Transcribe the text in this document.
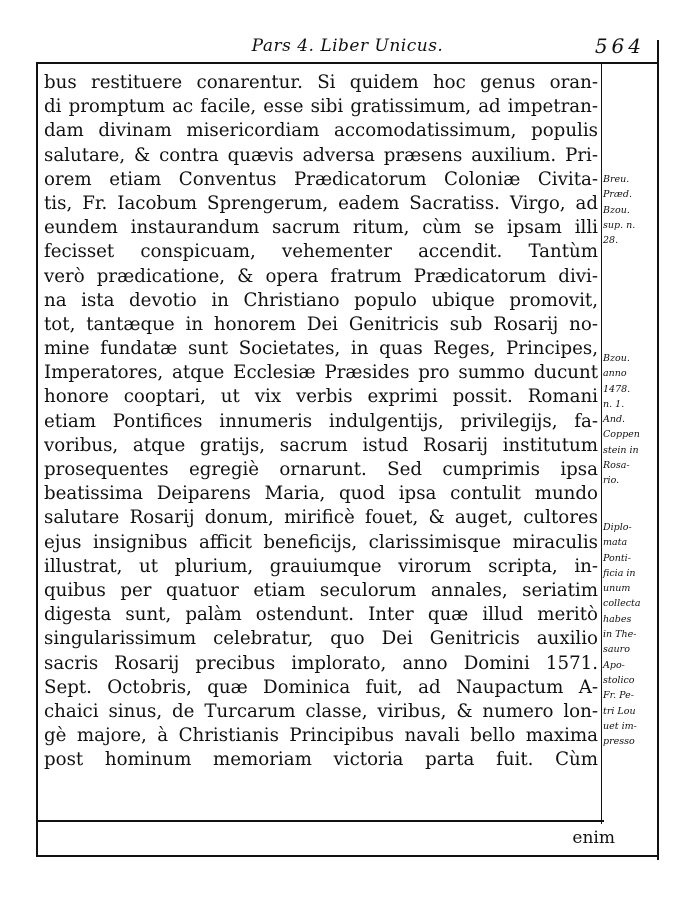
Pars 4. Liber Unicus.	564
bus restituere conarentur. Si quidem hoc genus oran-
di promptum ac facile, esse sibi gratissimum, ad impetran-
dam divinam misericordiam accomodatissimum, populis
salutare, & contra quævis adversa præsens auxilium. Pri-
orem etiam Conventus Prædicatorum Coloniæ Civita-
tis, Fr. Iacobum Sprengerum, eadem Sacratiss. Virgo, ad
eundem instaurandum sacrum ritum, cùm se ipsam illi
fecisset conspicuam, vehementer accendit. Tantùm
verò prædicatione, & opera fratrum Prædicatorum divi-
na ista devotio in Christiano populo ubique promovit,
tot, tantæque in honorem Dei Genitricis sub Rosarij no-
mine fundatæ sunt Societates, in quas Reges, Principes,
Imperatores, atque Ecclesiæ Præsides pro summo ducunt
honore cooptari, ut vix verbis exprimi possit. Romani
etiam Pontifices innumeris indulgentijs, privilegijs, fa-
voribus, atque gratijs, sacrum istud Rosarij institutum
prosequentes egregiè ornarunt. Sed cumprimis ipsa
beatissima Deiparens Maria, quod ipsa contulit mundo
salutare Rosarij donum, mirificè fouet, & auget, cultores
ejus insignibus afficit beneficijs, clarissimisque miraculis
illustrat, ut plurium, grauiumque virorum scripta, in-
quibus per quatuor etiam seculorum annales, seriatim
digesta sunt, palàm ostendunt. Inter quæ illud meritò
singularissimum celebratur, quo Dei Genitricis auxilio
sacris Rosarij precibus implorato, anno Domini 1571.
Sept. Octobris, quæ Dominica fuit, ad Naupactum A-
chaici sinus, de Turcarum classe, viribus, & numero lon-
gè majore, à Christianis Principibus navali bello maxima
post hominum memoriam victoria parta fuit. Cùm
Breu.
Præd.
Bzou.
sup. n.
28.
Bzou.
anno
1478.
n. 1.
And.
Coppen
stein in
Rosa-
rio.
Diplo-
mata
Ponti-
ficia in
unum
collecta
habes
in The-
sauro
Apo-
stolico
Fr. Pe-
tri Lou
uet im-
presso
enim
